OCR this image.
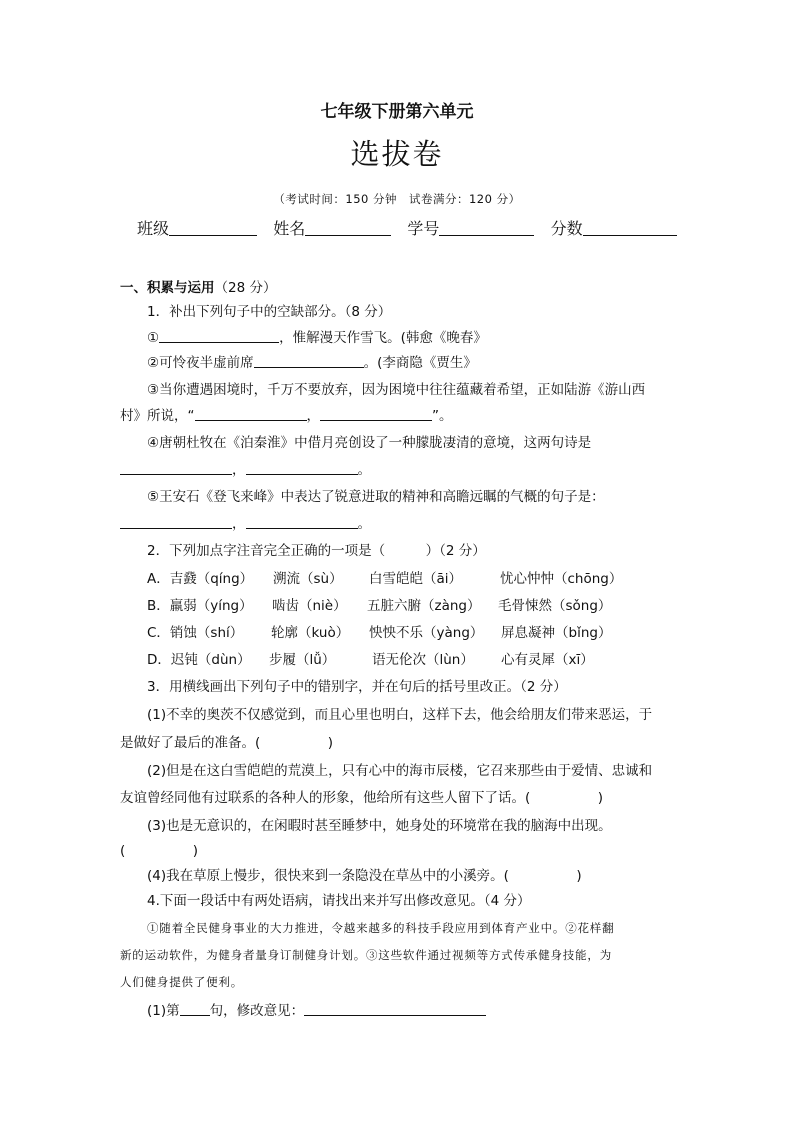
七年级下册第六单元
选拔卷
（考试时间：150 分钟　试卷满分：120 分）
班级	姓名	学号	分数
一、积累与运用（28 分）
1．补出下列句子中的空缺部分。（8 分）
①	，惟解漫天作雪飞。(韩愈《晚春》
②可怜夜半虚前席	。(李商隐《贾生》
③当你遭遇困境时，千万不要放弃，因为困境中往往蕴藏着希望，正如陆游《游山西
村》所说，“	，	”。
④唐朝杜牧在《泊秦淮》中借月亮创设了一种朦胧凄清的意境，这两句诗是
，	。
⑤王安石《登飞来峰》中表达了锐意进取的精神和高瞻远瞩的气概的句子是：
，	。
2．下列加点字注音完全正确的一项是（　　　）（2 分）
A．吉鼗（qíng） 溯流（sù） 白雪皑皑（āi）	忧心忡忡（chōng）
B．羸弱（yíng） 啮齿（niè） 五脏六腑（zàng） 毛骨悚然（sǒng）
C．销蚀（shí） 轮廓（kuò） 怏怏不乐（yàng） 屏息凝神（bǐng）
D．迟钝（dùn） 步履（lǚ）	语无伦次（lùn） 心有灵犀（xī）
3．用横线画出下列句子中的错别字，并在句后的括号里改正。（2 分）
(1)不幸的奥茨不仅感觉到，而且心里也明白，这样下去，他会给朋友们带来恶运，于
是做好了最后的准备。(　　　　　)
(2)但是在这白雪皑皑的荒漠上，只有心中的海市辰楼，它召来那些由于爱情、忠诚和
友谊曾经同他有过联系的各种人的形象，他给所有这些人留下了话。(　　　　　)
(3)也是无意识的，在闲暇时甚至睡梦中，她身处的环境常在我的脑海中出现。
(　　　　　)
(4)我在草原上慢步，很快来到一条隐没在草丛中的小溪旁。(　　　　　)
4.下面一段话中有两处语病，请找出来并写出修改意见。（4 分）
①随着全民健身事业的大力推进，令越来越多的科技手段应用到体育产业中。②花样翻
新的运动软件，为健身者量身订制健身计划。③这些软件通过视频等方式传承健身技能，为
人们健身提供了便利。
(1)第 句，修改意见：
